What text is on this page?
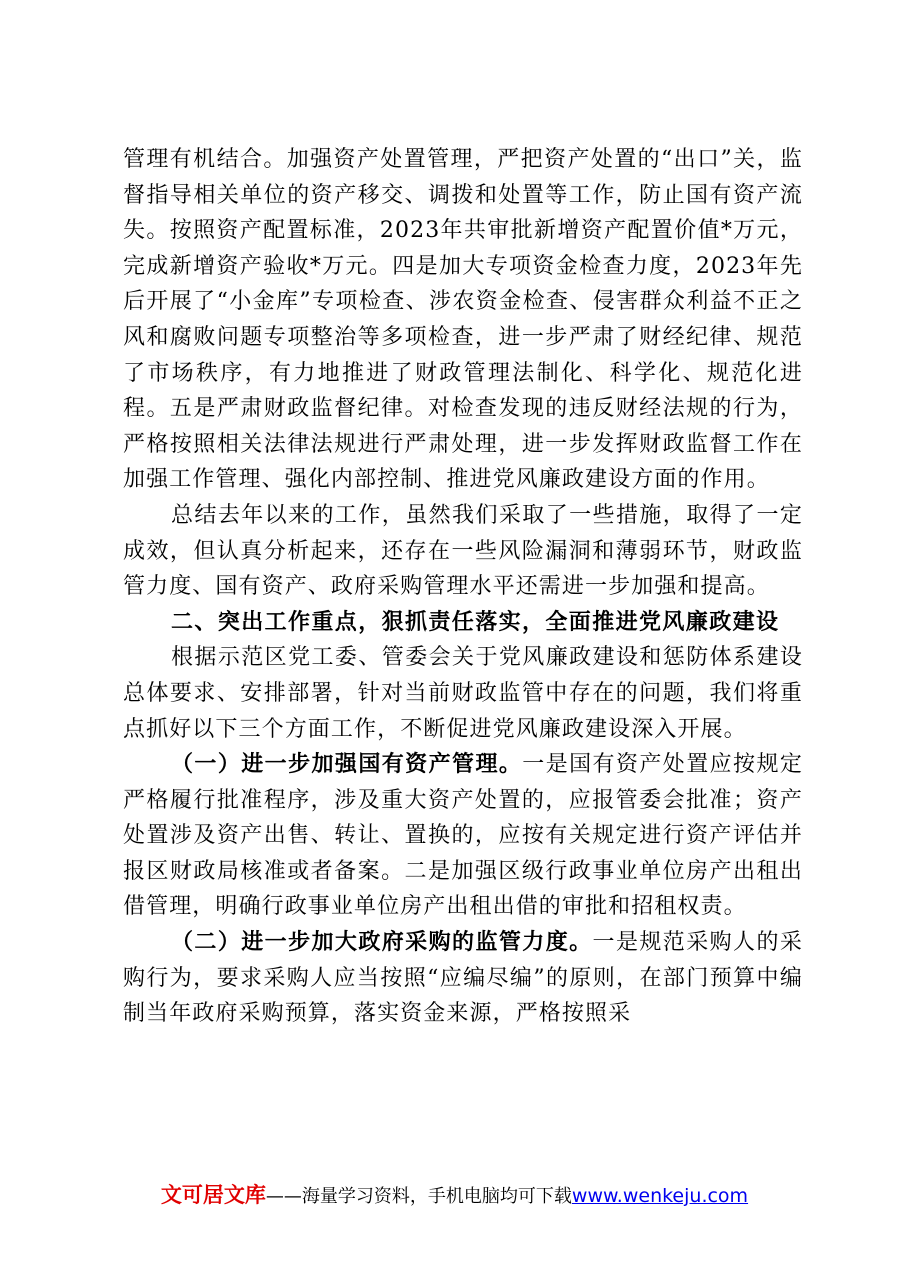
管理有机结合。加强资产处置管理，严把资产处置的“出口”关，监督指导相关单位的资产移交、调拨和处置等工作，防止国有资产流失。按照资产配置标准，2023年共审批新增资产配置价值*万元，完成新增资产验收*万元。四是加大专项资金检查力度，2023年先后开展了“小金库”专项检查、涉农资金检查、侵害群众利益不正之风和腐败问题专项整治等多项检查，进一步严肃了财经纪律、规范了市场秩序，有力地推进了财政管理法制化、科学化、规范化进程。五是严肃财政监督纪律。对检查发现的违反财经法规的行为，严格按照相关法律法规进行严肃处理，进一步发挥财政监督工作在加强工作管理、强化内部控制、推进党风廉政建设方面的作用。

总结去年以来的工作，虽然我们采取了一些措施，取得了一定成效，但认真分析起来，还存在一些风险漏洞和薄弱环节，财政监管力度、国有资产、政府采购管理水平还需进一步加强和提高。

二、突出工作重点，狠抓责任落实，全面推进党风廉政建设

根据示范区党工委、管委会关于党风廉政建设和惩防体系建设总体要求、安排部署，针对当前财政监管中存在的问题，我们将重点抓好以下三个方面工作，不断促进党风廉政建设深入开展。

（一）进一步加强国有资产管理。一是国有资产处置应按规定严格履行批准程序，涉及重大资产处置的，应报管委会批准；资产处置涉及资产出售、转让、置换的，应按有关规定进行资产评估并报区财政局核准或者备案。二是加强区级行政事业单位房产出租出借管理，明确行政事业单位房产出租出借的审批和招租权责。

（二）进一步加大政府采购的监管力度。一是规范采购人的采购行为，要求采购人应当按照“应编尽编”的原则，在部门预算中编制当年政府采购预算，落实资金来源，严格按照采

文可居文库——海量学习资料，手机电脑均可下载www.wenkeju.com
